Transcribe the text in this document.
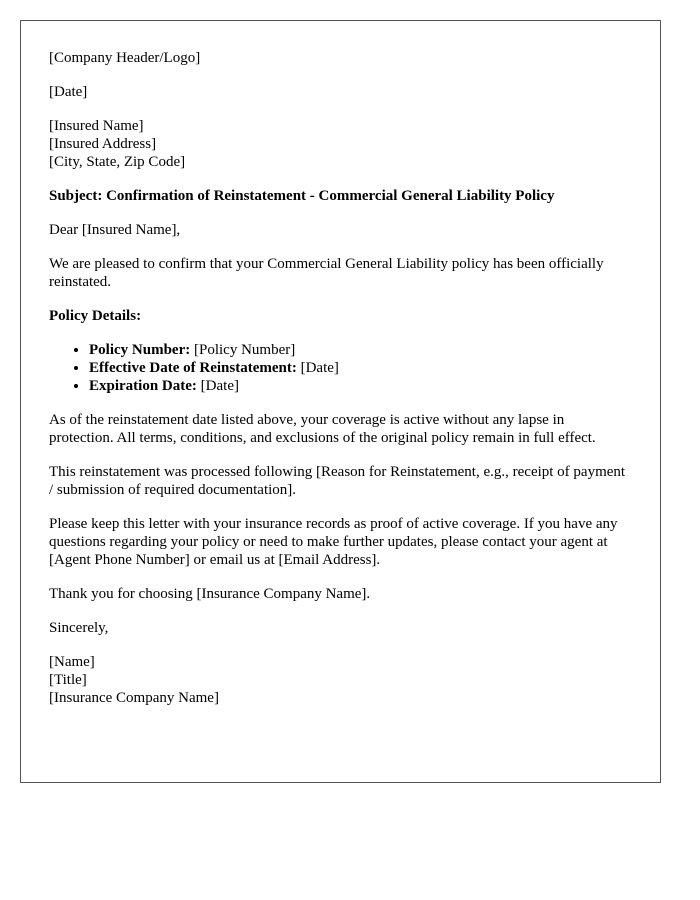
[Company Header/Logo]

[Date]

[Insured Name]
[Insured Address]
[City, State, Zip Code]

Subject: Confirmation of Reinstatement - Commercial General Liability Policy

Dear [Insured Name],

We are pleased to confirm that your Commercial General Liability policy has been officially reinstated.

Policy Details:

• Policy Number: [Policy Number]
• Effective Date of Reinstatement: [Date]
• Expiration Date: [Date]

As of the reinstatement date listed above, your coverage is active without any lapse in protection. All terms, conditions, and exclusions of the original policy remain in full effect.

This reinstatement was processed following [Reason for Reinstatement, e.g., receipt of payment / submission of required documentation].

Please keep this letter with your insurance records as proof of active coverage. If you have any questions regarding your policy or need to make further updates, please contact your agent at [Agent Phone Number] or email us at [Email Address].

Thank you for choosing [Insurance Company Name].

Sincerely,

[Name]
[Title]
[Insurance Company Name]
